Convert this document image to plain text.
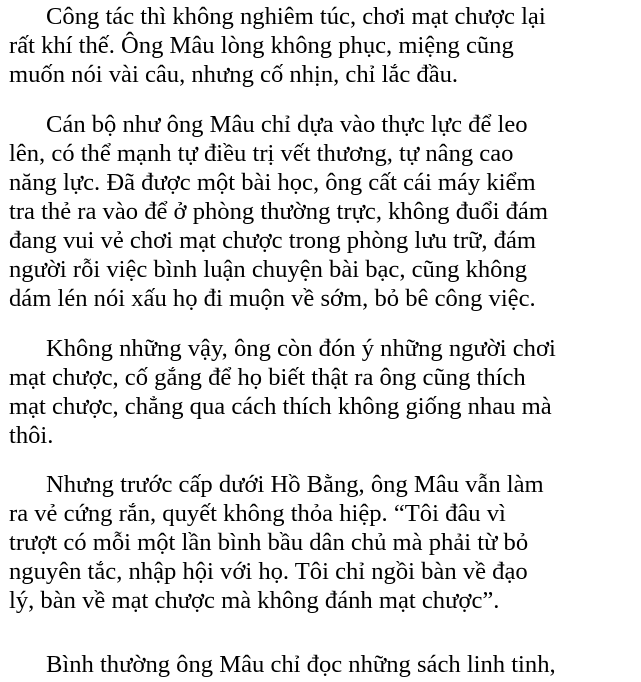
Công tác thì không nghiêm túc, chơi mạt chược lại
rất khí thế. Ông Mâu lòng không phục, miệng cũng
muốn nói vài câu, nhưng cố nhịn, chỉ lắc đầu.
Cán bộ như ông Mâu chỉ dựa vào thực lực để leo
lên, có thể mạnh tự điều trị vết thương, tự nâng cao
năng lực. Đã được một bài học, ông cất cái máy kiểm
tra thẻ ra vào để ở phòng thường trực, không đuổi đám
đang vui vẻ chơi mạt chược trong phòng lưu trữ, đám
người rỗi việc bình luận chuyện bài bạc, cũng không
dám lén nói xấu họ đi muộn về sớm, bỏ bê công việc.
Không những vậy, ông còn đón ý những người chơi
mạt chược, cố gắng để họ biết thật ra ông cũng thích
mạt chược, chẳng qua cách thích không giống nhau mà
thôi.
Nhưng trước cấp dưới Hồ Bằng, ông Mâu vẫn làm
ra vẻ cứng rắn, quyết không thỏa hiệp. “Tôi đâu vì
trượt có mỗi một lần bình bầu dân chủ mà phải từ bỏ
nguyên tắc, nhập hội với họ. Tôi chỉ ngồi bàn về đạo
lý, bàn về mạt chược mà không đánh mạt chược”.
Bình thường ông Mâu chỉ đọc những sách linh tinh,
